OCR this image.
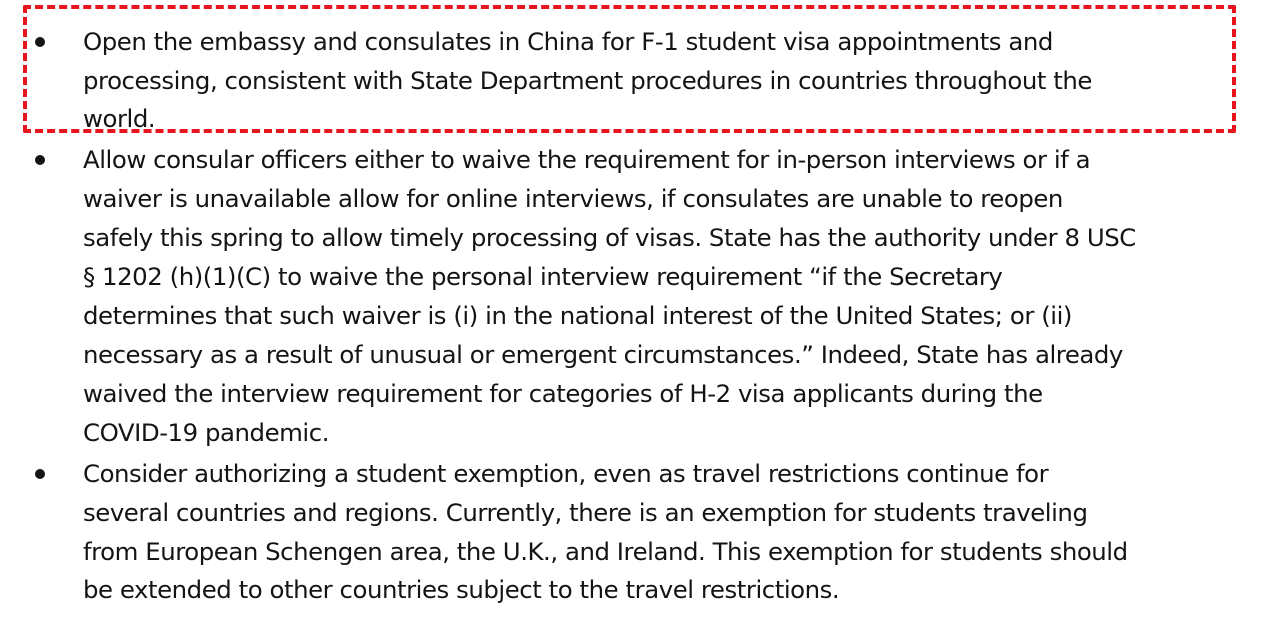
Open the embassy and consulates in China for F-1 student visa appointments and
processing, consistent with State Department procedures in countries throughout the
world.
Allow consular officers either to waive the requirement for in-person interviews or if a
waiver is unavailable allow for online interviews, if consulates are unable to reopen
safely this spring to allow timely processing of visas. State has the authority under 8 USC
§ 1202 (h)(1)(C) to waive the personal interview requirement “if the Secretary
determines that such waiver is (i) in the national interest of the United States; or (ii)
necessary as a result of unusual or emergent circumstances.” Indeed, State has already
waived the interview requirement for categories of H-2 visa applicants during the
COVID-19 pandemic.
Consider authorizing a student exemption, even as travel restrictions continue for
several countries and regions. Currently, there is an exemption for students traveling
from European Schengen area, the U.K., and Ireland. This exemption for students should
be extended to other countries subject to the travel restrictions.
